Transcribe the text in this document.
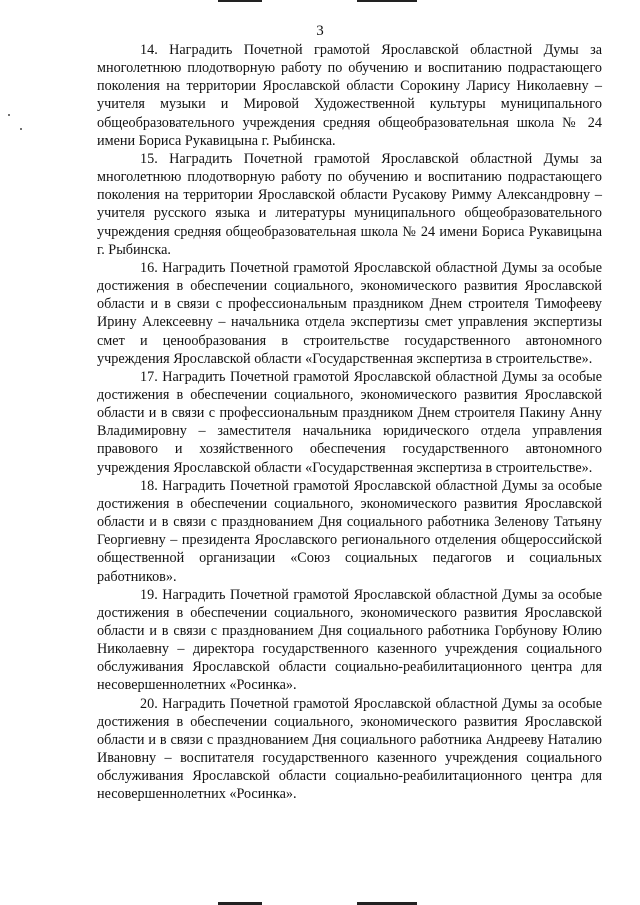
3

14. Наградить Почетной грамотой Ярославской областной Думы за многолетнюю плодотворную работу по обучению и воспитанию подрастающего поколения на территории Ярославской области Сорокину Ларису Николаевну – учителя музыки и Мировой Художественной культуры муниципального общеобразовательного учреждения средняя общеобразовательная школа № 24 имени Бориса Рукавицына г. Рыбинска.

15. Наградить Почетной грамотой Ярославской областной Думы за многолетнюю плодотворную работу по обучению и воспитанию подрастающего поколения на территории Ярославской области Русакову Римму Александровну – учителя русского языка и литературы муниципального общеобразовательного учреждения средняя общеобразовательная школа № 24 имени Бориса Рукавицына г. Рыбинска.

16. Наградить Почетной грамотой Ярославской областной Думы за особые достижения в обеспечении социального, экономического развития Ярославской области и в связи с профессиональным праздником Днем строителя Тимофееву Ирину Алексеевну – начальника отдела экспертизы смет управления экспертизы смет и ценообразования в строительстве государственного автономного учреждения Ярославской области «Государственная экспертиза в строительстве».

17. Наградить Почетной грамотой Ярославской областной Думы за особые достижения в обеспечении социального, экономического развития Ярославской области и в связи с профессиональным праздником Днем строителя Пакину Анну Владимировну – заместителя начальника юридического отдела управления правового и хозяйственного обеспечения государственного автономного учреждения Ярославской области «Государственная экспертиза в строительстве».

18. Наградить Почетной грамотой Ярославской областной Думы за особые достижения в обеспечении социального, экономического развития Ярославской области и в связи с празднованием Дня социального работника Зеленову Татьяну Георгиевну – президента Ярославского регионального отделения общероссийской общественной организации «Союз социальных педагогов и социальных работников».

19. Наградить Почетной грамотой Ярославской областной Думы за особые достижения в обеспечении социального, экономического развития Ярославской области и в связи с празднованием Дня социального работника Горбунову Юлию Николаевну – директора государственного казенного учреждения социального обслуживания Ярославской области социально-реабилитационного центра для несовершеннолетних «Росинка».

20. Наградить Почетной грамотой Ярославской областной Думы за особые достижения в обеспечении социального, экономического развития Ярославской области и в связи с празднованием Дня социального работника Андрееву Наталию Ивановну – воспитателя государственного казенного учреждения социального обслуживания Ярославской области социально-реабилитационного центра для несовершеннолетних «Росинка».
